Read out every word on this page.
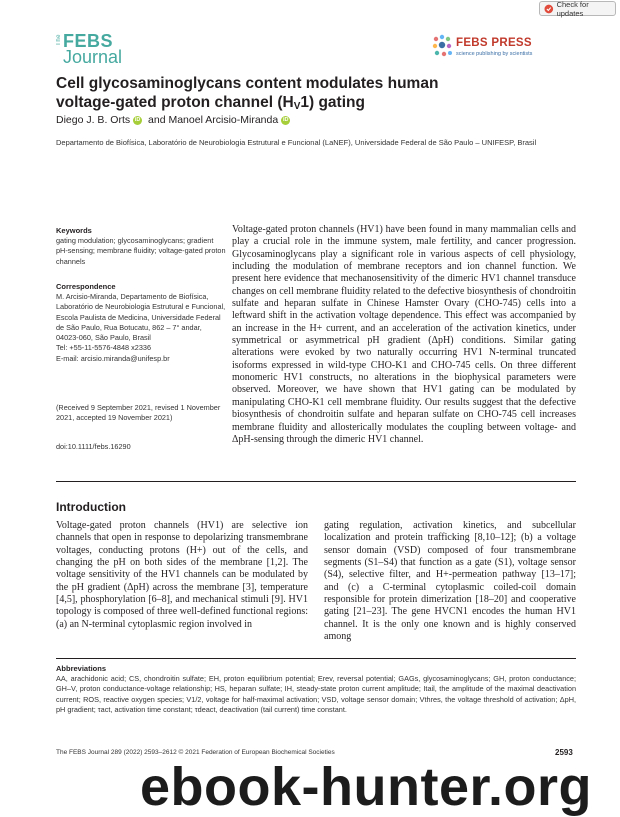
Check for updates
The FEBS
Journal
FEBS PRESS
science publishing by scientists
Cell glycosaminoglycans content modulates human
voltage-gated proton channel $(H_V1)$ gating
Diego J. B. Orts iD and Manoel Arcisio-Miranda iD
Departamento de Biofísica, Laboratório de Neurobiologia Estrutural e Funcional (LaNEF), Universidade Federal de São Paulo – UNIFESP, Brasil
Keywords
gating modulation; glycosaminoglycans; gradient pH-sensing; membrane fluidity; voltage-gated proton channels
Correspondence
M. Arcisio-Miranda, Departamento de Biofísica, Laboratório de Neurobiologia Estrutural e Funcional, Escola Paulista de Medicina, Universidade Federal de São Paulo, Rua Botucatu, 862 – 7° andar, 04023-060, São Paulo, Brasil
Tel: +55-11-5576-4848 x2336
E-mail: arcisio.miranda@unifesp.br
(Received 9 September 2021, revised 1 November 2021, accepted 19 November 2021)
doi:10.1111/febs.16290

Voltage-gated proton channels (HV1) have been found in many mammalian cells and play a crucial role in the immune system, male fertility, and cancer progression. Glycosaminoglycans play a significant role in various aspects of cell physiology, including the modulation of membrane receptors and ion channel function. We present here evidence that mechanosensitivity of the dimeric HV1 channel transduce changes on cell membrane fluidity related to the defective biosynthesis of chondroitin sulfate and heparan sulfate in Chinese Hamster Ovary (CHO-745) cells into a leftward shift in the activation voltage dependence. This effect was accompanied by an increase in the H+ current, and an acceleration of the activation kinetics, under symmetrical or asymmetrical pH gradient (ΔpH) conditions. Similar gating alterations were evoked by two naturally occurring HV1 N-terminal truncated isoforms expressed in wild-type CHO-K1 and CHO-745 cells. On three different monomeric HV1 constructs, no alterations in the biophysical parameters were observed. Moreover, we have shown that HV1 gating can be modulated by manipulating CHO-K1 cell membrane fluidity. Our results suggest that the defective biosynthesis of chondroitin sulfate and heparan sulfate on CHO-745 cell increases membrane fluidity and allosterically modulates the coupling between voltage- and ΔpH-sensing through the dimeric HV1 channel.

Introduction

Voltage-gated proton channels (HV1) are selective ion channels that open in response to depolarizing transmembrane voltages, conducting protons (H+) out of the cells, and changing the pH on both sides of the membrane [1,2]. The voltage sensitivity of the HV1 channels can be modulated by the pH gradient (ΔpH) across the membrane [3], temperature [4,5], phosphorylation [6–8], and mechanical stimuli [9]. HV1 topology is composed of three well-defined functional regions: (a) an N-terminal cytoplasmic region involved in

gating regulation, activation kinetics, and subcellular localization and protein trafficking [8,10–12]; (b) a voltage sensor domain (VSD) composed of four transmembrane segments (S1–S4) that function as a gate (S1), voltage sensor (S4), selective filter, and H+-permeation pathway [13–17]; and (c) a C-terminal cytoplasmic coiled-coil domain responsible for protein dimerization [18–20] and cooperative gating [21–23]. The gene HVCN1 encodes the human HV1 channel. It is the only one known and is highly conserved among

Abbreviations
AA, arachidonic acid; CS, chondroitin sulfate; EH, proton equilibrium potential; Erev, reversal potential; GAGs, glycosaminoglycans; GH, proton conductance; GH–V, proton conductance-voltage relationship; HS, heparan sulfate; IH, steady-state proton current amplitude; Itail, the amplitude of the maximal deactivation current; ROS, reactive oxygen species; V1/2, voltage for half-maximal activation; VSD, voltage sensor domain; Vthres, the voltage threshold of activation; ΔpH, pH gradient; τact, activation time constant; τdeact, deactivation (tail current) time constant.
The FEBS Journal 289 (2022) 2593–2612 © 2021 Federation of European Biochemical Societies	2593
ebook-hunter.org
